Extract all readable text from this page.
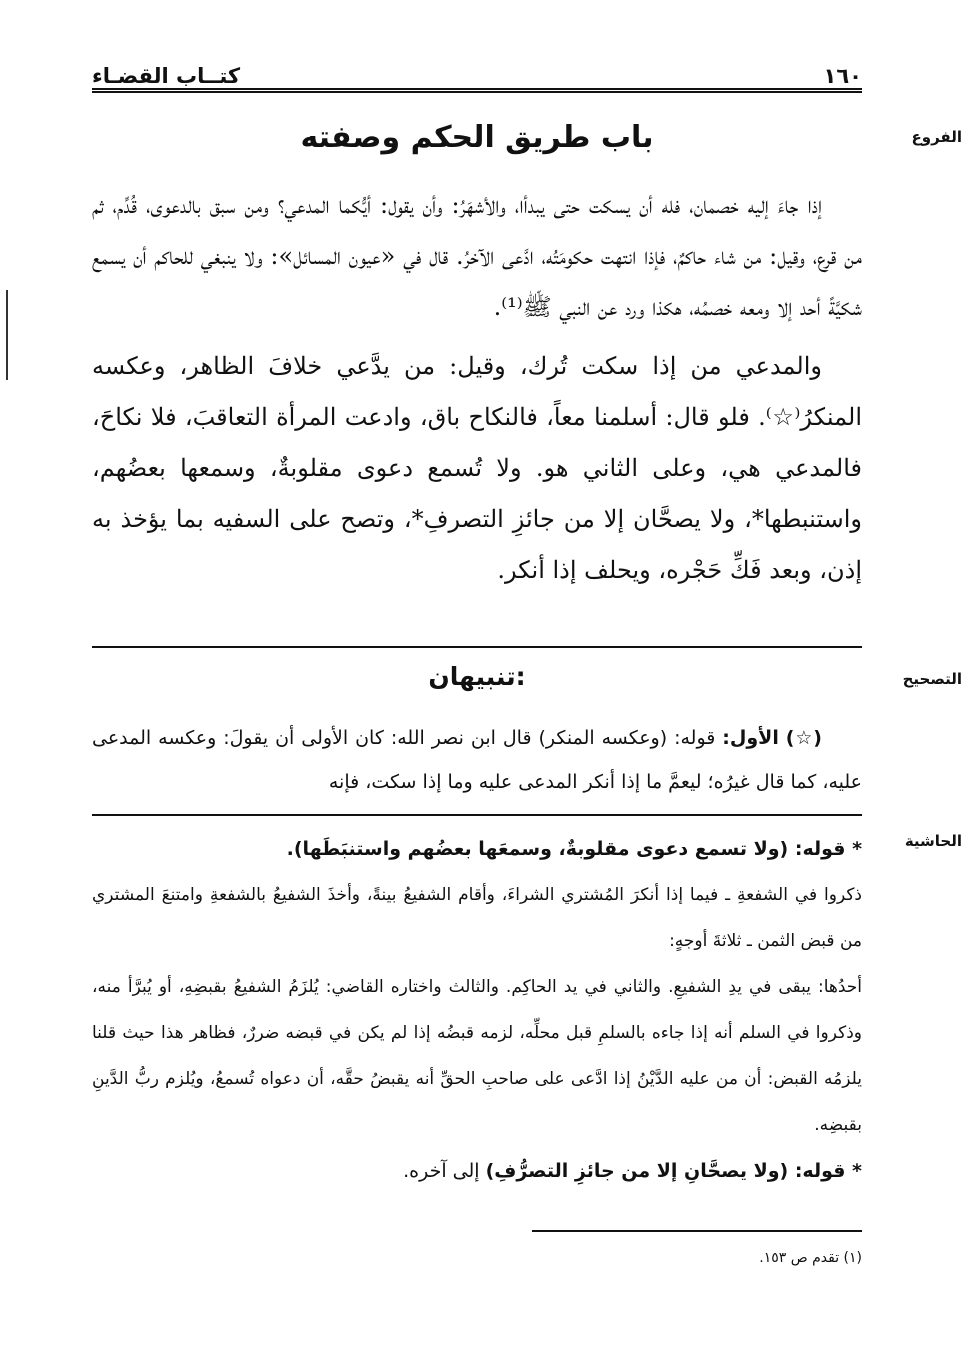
كتــاب القضـاء	١٦٠
الفروع
باب طريق الحكم وصفته

إذا جاءَ إليه خصمان، فله أن يسكت حتى يبدأا، والأشهَرُ: وأن يقول: أيُّكما المدعي؟ ومن سبق بالدعوى، قُدِّم، ثم من قرع، وقيل: من شاء حاكمٌ، فإذا انتهت حكومَتُه، ادَّعى الآخرُ. قال في «عيون المسائل»: ولا ينبغي للحاكم أن يسمع شكيَّةً أحد إلا ومعه خصمُه، هكذا ورد عن النبي ﷺ⁽¹⁾.

والمدعي من إذا سكت تُرك، وقيل: من يدَّعي خلافَ الظاهر، وعكسه المنكرُ⁽☆⁾. فلو قال: أسلمنا معاً، فالنكاح باق، وادعت المرأة التعاقبَ، فلا نكاحَ، فالمدعي هي، وعلى الثاني هو. ولا تُسمع دعوى مقلوبةٌ، وسمعها بعضُهم، واستنبطها*، ولا يصحَّان إلا من جائزِ التصرفِ*، وتصح على السفيه بما يؤخذ به إذن، وبعد فَكِّ حَجْره، ويحلف إذا أنكر.

التصحيح
تنبيهان:

(☆) الأول: قوله: (وعكسه المنكر) قال ابن نصر الله: كان الأولى أن يقولَ: وعكسه المدعى عليه، كما قال غيرُه؛ ليعمَّ ما إذا أنكر المدعى عليه وما إذا سكت، فإنه

الحاشية

* قوله: (ولا تسمع دعوى مقلوبةٌ، وسمعَها بعضُهم واستنبَطَها).

ذكروا في الشفعةِ ـ فيما إذا أنكرَ المُشتري الشراءَ، وأقام الشفيعُ بينةً، وأخذَ الشفيعُ بالشفعةِ وامتنعَ المشتري من قبض الثمن ـ ثلاثةَ أوجهٍ:

أحدُها: يبقى في يدِ الشفيعِ. والثاني في يد الحاكِم. والثالث واختاره القاضي: يُلزَمُ الشفيعُ بقبضِهِ، أو يُبرَّأ منه، وذكروا في السلم أنه إذا جاءه بالسلمِ قبل محلِّه، لزمه قبضُه إذا لم يكن في قبضه ضررٌ، فظاهر هذا حيث قلنا يلزمُه القبض: أن من عليه الدَّيْنُ إذا ادَّعى على صاحبِ الحقِّ أنه يقبضُ حقَّه، أن دعواه تُسمعُ، ويُلزم ربُّ الدَّينِ بقبضِه.

* قوله: (ولا يصحَّانِ إلا من جائزِ التصرُّفِ) إلى آخره.

(١) تقدم ص ١٥٣.
